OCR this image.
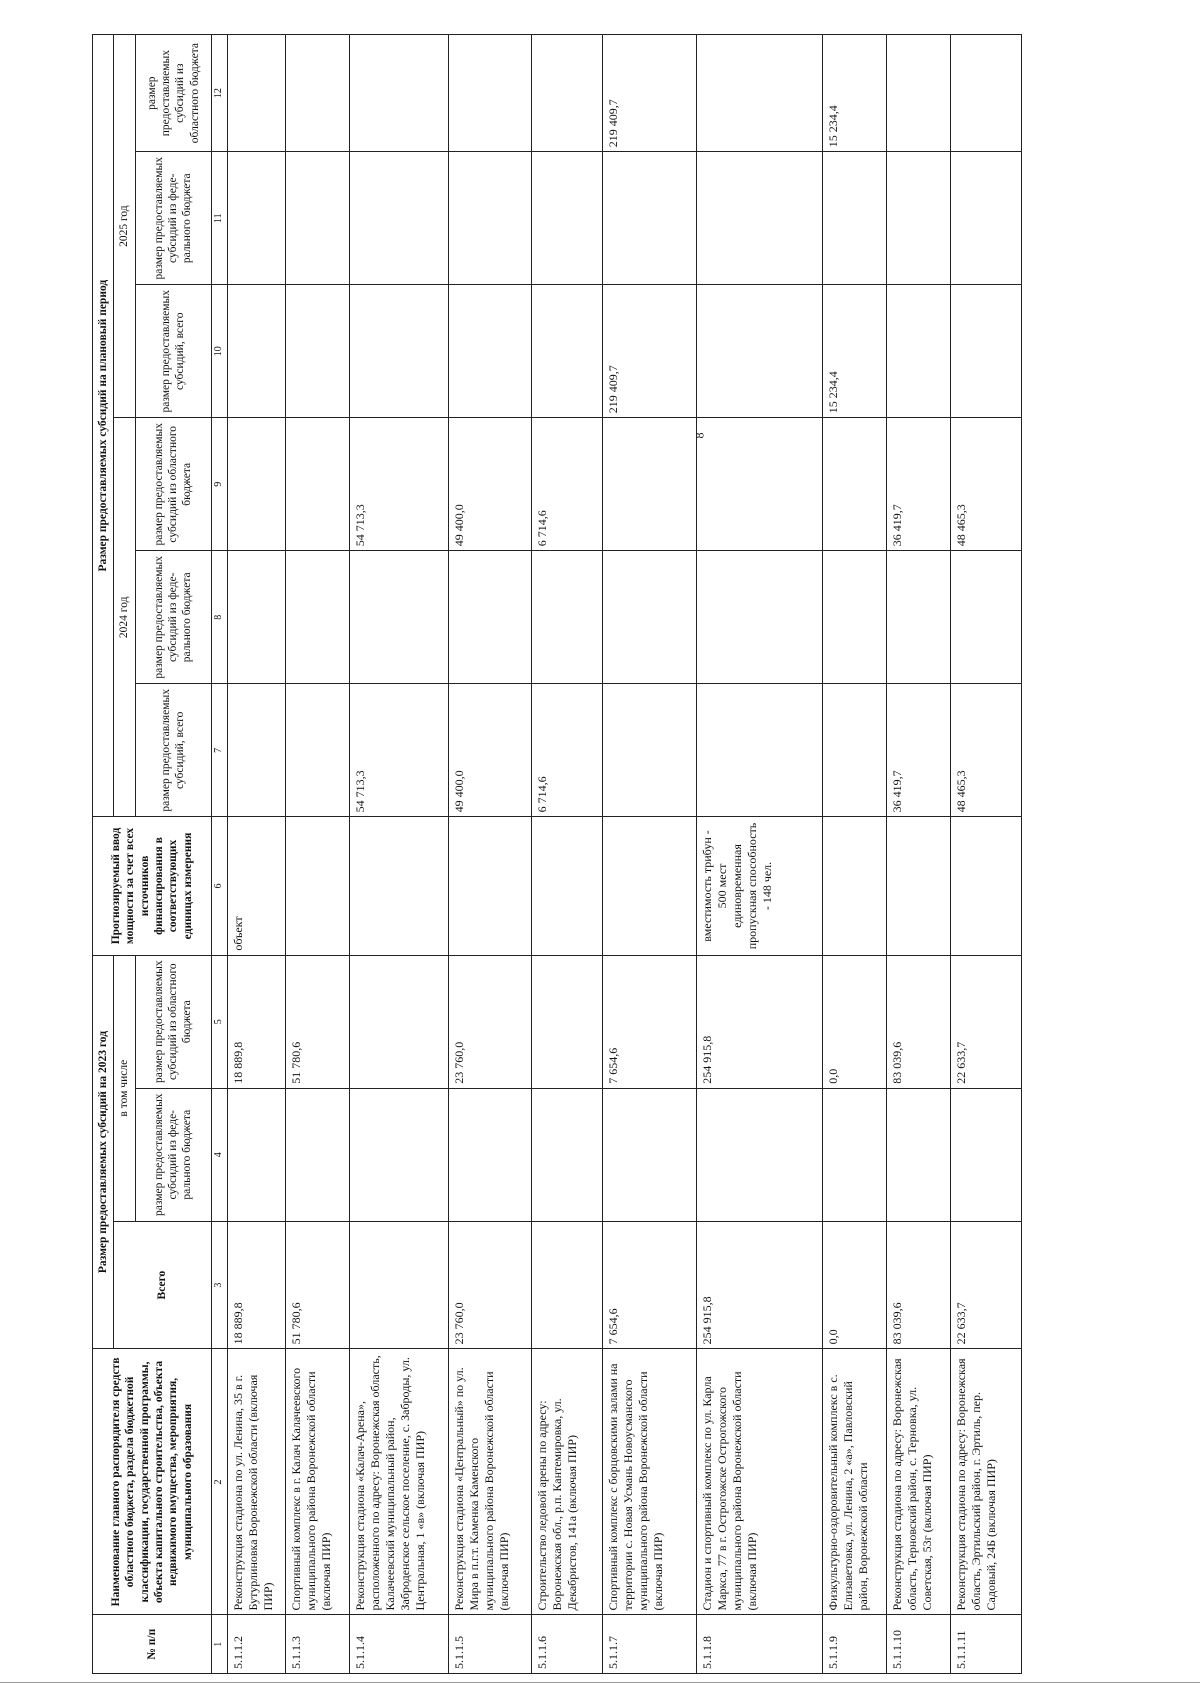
8
№ п/п	Наименование главного распорядителя средств областного бюджета, раздела бюджетной классификации, государственной программы, объекта капитального строительства, объекта недвижимого имущества, мероприятия, муниципального образования	Размер предоставляемых субсидий на 2023 год			Прогнозируемый ввод мощности за счет всех источников финансирования в соответствующих единицах измерения	Размер предоставляемых субсидий на плановый период					
		Всего	в том числе			2024 год			2025 год		
			размер предоставляемых субсидий из феде-рального бюджета	размер предоставляемых субсидий из областного бюджета		размер предоставляемых субсидий, всего	размер предоставляемых субсидий из феде-рального бюджета	размер предоставляемых субсидий из областного бюджета	размер предоставляемых субсидий, всего	размер предоставляемых субсидий из феде-рального бюджета	размер предоставляемых субсидий из областного бюджета
1	2	3	4	5	6	7	8	9	10	11	12
5.1.1.2	Реконструкция стадиона по ул. Ленина, 35 в г. Бутурлиновка Воронежской области (включая ПИР)	18 889,8		18 889,8	объект						
5.1.1.3	Спортивный комплекс в г. Калач Калачеевского муниципального района Воронежской области (включая ПИР)	51 780,6		51 780,6							
5.1.1.4	Реконструкция стадиона «Калач-Арена», расположенного по адресу: Воронежская область, Калачеевский муниципальный район, Заброденское сельское поселение, с. Заброды, ул. Центральная, 1 «в» (включая ПИР)					54 713,3		54 713,3			
5.1.1.5	Реконструкция стадиона «Центральный» по ул. Мира в п.г.т. Каменка Каменского муниципального района Воронежской области (включая ПИР)	23 760,0		23 760,0		49 400,0		49 400,0			
5.1.1.6	Строительство ледовой арены по адресу: Воронежская обл., р.п. Кантемировка, ул. Декабристов, 141а (включая ПИР)					6 714,6		6 714,6			
5.1.1.7	Спортивный комплекс с борцовскими залами на территории с. Новая Усмань Новоусманского муниципального района Воронежской области (включая ПИР)	7 654,6		7 654,6					219 409,7		219 409,7
5.1.1.8	Стадион и спортивный комплекс по ул. Карла Маркса, 77 в г. Острогожске Острогожского муниципального района Воронежской области (включая ПИР)	254 915,8		254 915,8	вместимость трибун - 500 мест единовременная пропускная способность - 148 чел.						
5.1.1.9	Физкультурно-оздоровительный комплекс в с. Елизаветовка, ул. Ленина, 2 «а», Павловский район, Воронежской области	0,0		0,0					15 234,4		15 234,4
5.1.1.10	Реконструкция стадиона по адресу: Воронежская область, Терновский район, с. Терновка, ул. Советская, 53г (включая ПИР)	83 039,6		83 039,6		36 419,7		36 419,7			
5.1.1.11	Реконструкция стадиона по адресу: Воронежская область, Эртильский район, г. Эртиль, пер. Садовый, 24Б (включая ПИР)	22 633,7		22 633,7		48 465,3		48 465,3			
